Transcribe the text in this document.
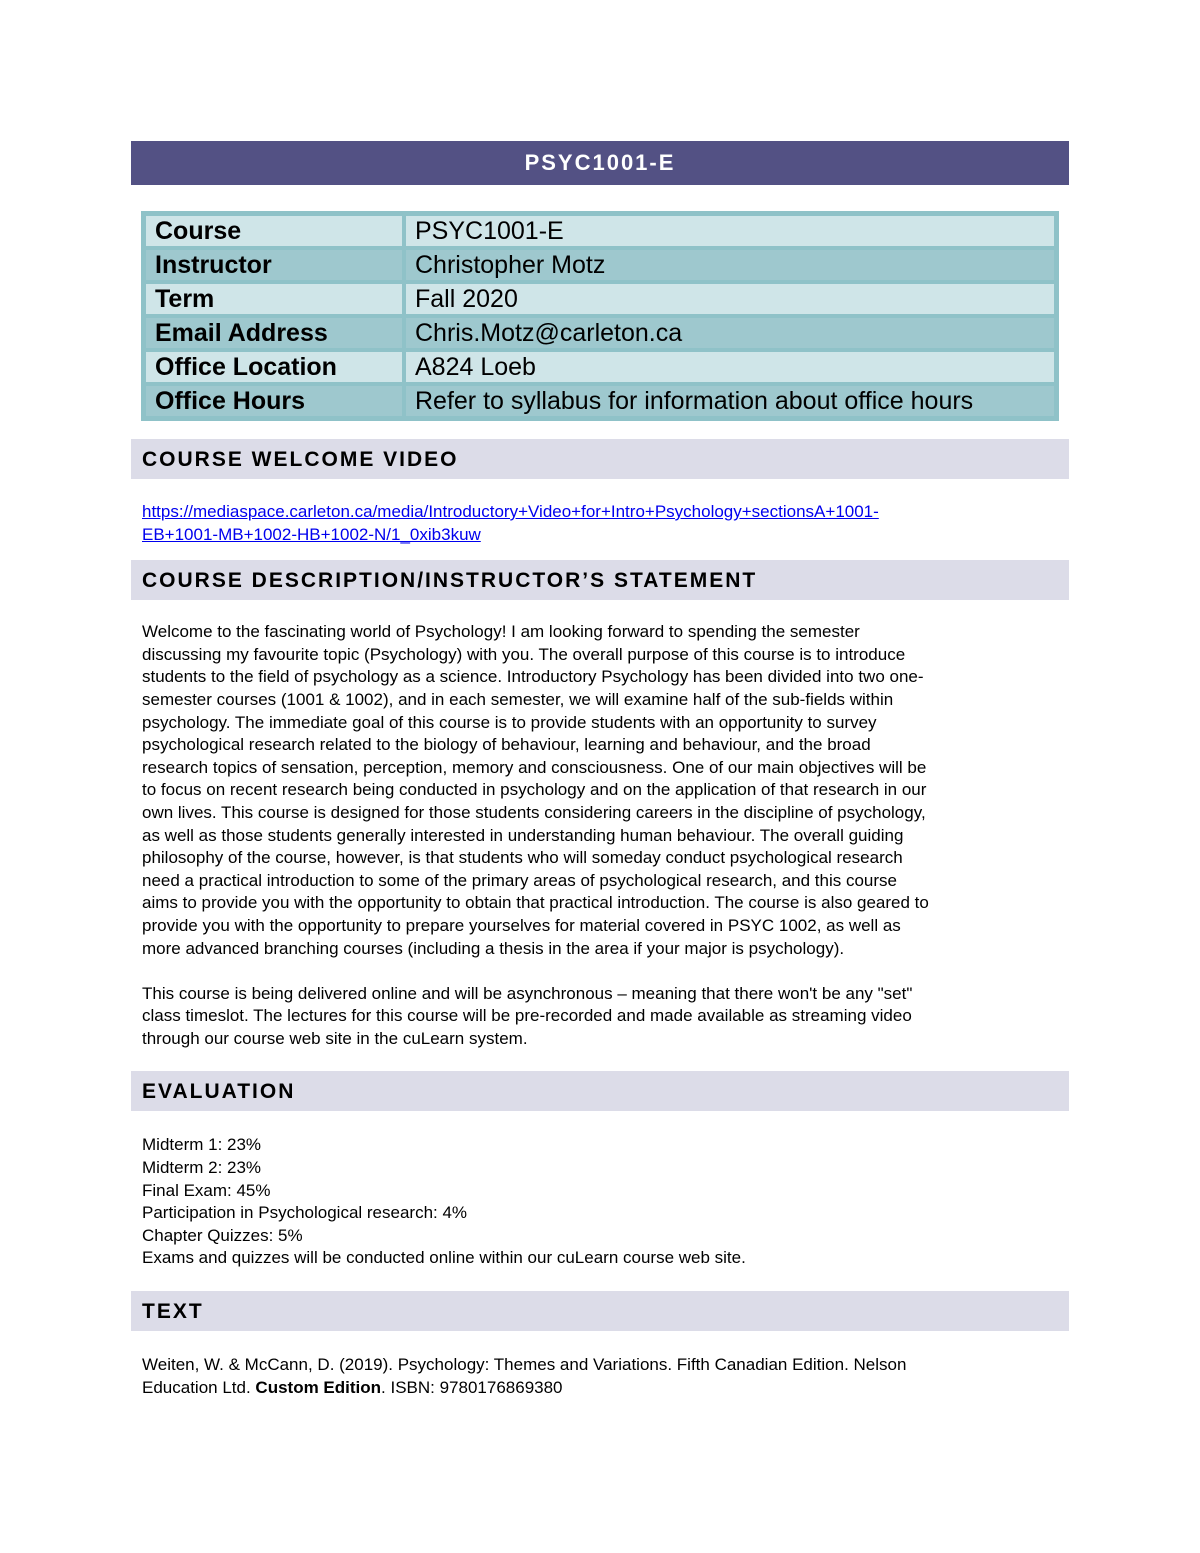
PSYC1001-E
Course	PSYC1001-E
Instructor	Christopher Motz
Term	Fall 2020
Email Address	Chris.Motz@carleton.ca
Office Location	A824 Loeb
Office Hours	Refer to syllabus for information about office hours
COURSE WELCOME VIDEO
https://mediaspace.carleton.ca/media/Introductory+Video+for+Intro+Psychology+sectionsA+1001-
EB+1001-MB+1002-HB+1002-N/1_0xib3kuw
COURSE DESCRIPTION/INSTRUCTOR’S STATEMENT

Welcome to the fascinating world of Psychology! I am looking forward to spending the semester
discussing my favourite topic (Psychology) with you. The overall purpose of this course is to introduce
students to the field of psychology as a science. Introductory Psychology has been divided into two one-
semester courses (1001 & 1002), and in each semester, we will examine half of the sub-fields within
psychology. The immediate goal of this course is to provide students with an opportunity to survey
psychological research related to the biology of behaviour, learning and behaviour, and the broad
research topics of sensation, perception, memory and consciousness. One of our main objectives will be
to focus on recent research being conducted in psychology and on the application of that research in our
own lives. This course is designed for those students considering careers in the discipline of psychology,
as well as those students generally interested in understanding human behaviour. The overall guiding
philosophy of the course, however, is that students who will someday conduct psychological research
need a practical introduction to some of the primary areas of psychological research, and this course
aims to provide you with the opportunity to obtain that practical introduction. The course is also geared to
provide you with the opportunity to prepare yourselves for material covered in PSYC 1002, as well as
more advanced branching courses (including a thesis in the area if your major is psychology).

This course is being delivered online and will be asynchronous – meaning that there won't be any "set"
class timeslot. The lectures for this course will be pre-recorded and made available as streaming video
through our course web site in the cuLearn system.

EVALUATION
Midterm 1: 23%
Midterm 2: 23%
Final Exam: 45%
Participation in Psychological research: 4%
Chapter Quizzes: 5%
Exams and quizzes will be conducted online within our cuLearn course web site.
TEXT
Weiten, W. & McCann, D. (2019). Psychology: Themes and Variations. Fifth Canadian Edition. Nelson
Education Ltd. Custom Edition. ISBN: 9780176869380
